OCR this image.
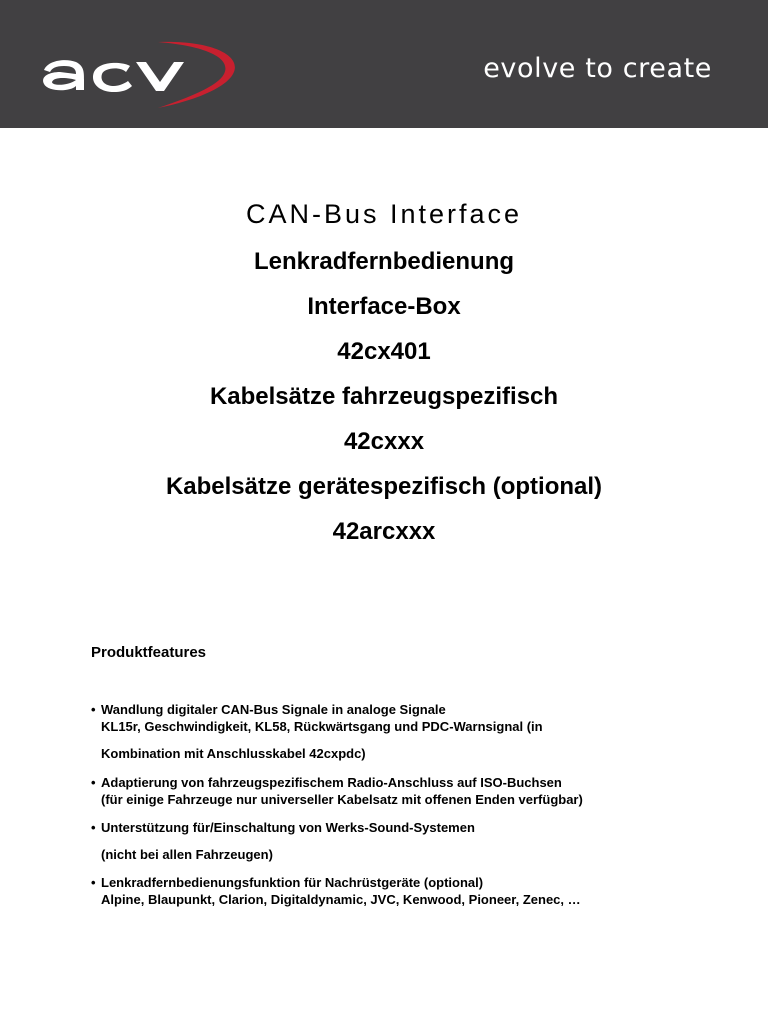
evolve to create
CAN-Bus Interface
Lenkradfernbedienung
Interface-Box
42cx401
Kabelsätze fahrzeugspezifisch
42cxxx
Kabelsätze gerätespezifisch (optional)
42arcxxx
Produktfeatures
• Wandlung digitaler CAN-Bus Signale in analoge Signale
KL15r, Geschwindigkeit, KL58, Rückwärtsgang und PDC-Warnsignal (in
Kombination mit Anschlusskabel 42cxpdc)
• Adaptierung von fahrzeugspezifischem Radio-Anschluss auf ISO-Buchsen
(für einige Fahrzeuge nur universeller Kabelsatz mit offenen Enden verfügbar)
• Unterstützung für/Einschaltung von Werks-Sound-Systemen
(nicht bei allen Fahrzeugen)
• Lenkradfernbedienungsfunktion für Nachrüstgeräte (optional)
Alpine, Blaupunkt, Clarion, Digitaldynamic, JVC, Kenwood, Pioneer, Zenec, …
